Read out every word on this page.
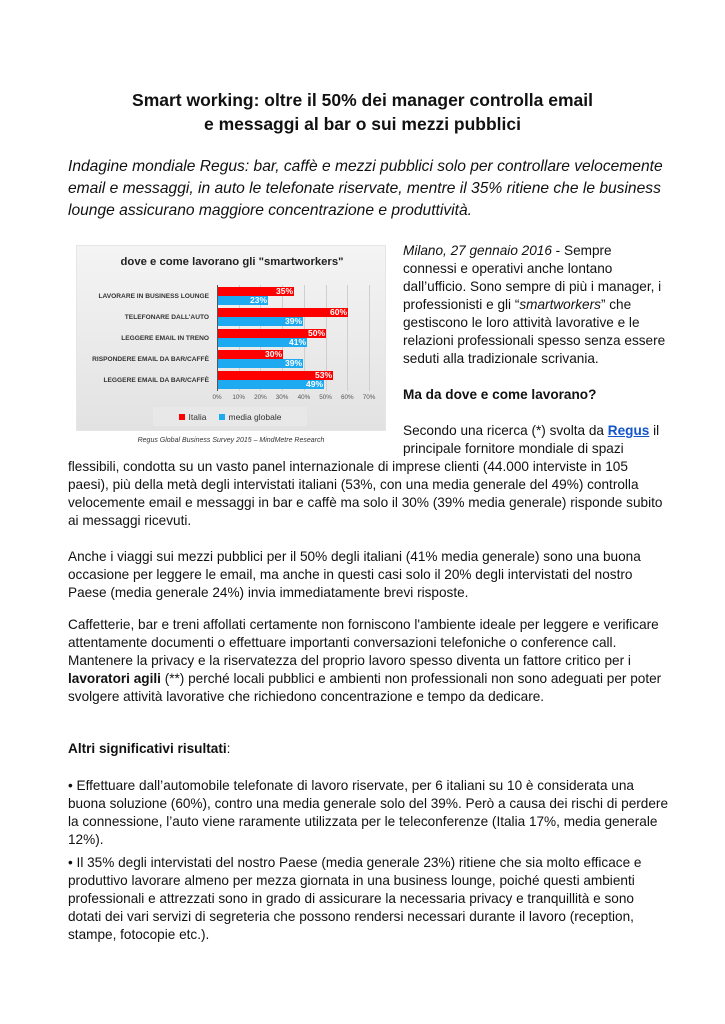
Smart working: oltre il 50% dei manager controlla email
e messaggi al bar o sui mezzi pubblici

Indagine mondiale Regus: bar, caffè e mezzi pubblici solo per controllare velocemente email e messaggi, in auto le telefonate riservate, mentre il 35% ritiene che le business lounge assicurano maggiore concentrazione e produttività.

dove e come lavorano gli "smartworkers"
LAVORARE IN BUSINESS LOUNGE
TELEFONARE DALL'AUTO
LEGGERE EMAIL IN TRENO
RISPONDERE EMAIL DA BAR/CAFFÈ
LEGGERE EMAIL DA BAR/CAFFÈ
35%
23%
60%
39%
50%
41%
30%
39%
53%
49%
0% 10% 20% 30% 40% 50% 60% 70%
Italia	media globale
Regus Global Business Survey 2015 – MindMetre Research

Milano, 27 gennaio 2016 - Sempre connessi e operativi anche lontano dall’ufficio. Sono sempre di più i manager, i professionisti e gli “smartworkers” che gestiscono le loro attività lavorative e le relazioni professionali spesso senza essere seduti alla tradizionale scrivania.

Ma da dove e come lavorano?

Secondo una ricerca (*) svolta da Regus il principale fornitore mondiale di spazi

flessibili, condotta su un vasto panel internazionale di imprese clienti (44.000 interviste in 105 paesi), più della metà degli intervistati italiani (53%, con una media generale del 49%) controlla velocemente email e messaggi in bar e caffè ma solo il 30% (39% media generale) risponde subito ai messaggi ricevuti.

Anche i viaggi sui mezzi pubblici per il 50% degli italiani (41% media generale) sono una buona occasione per leggere le email, ma anche in questi casi solo il 20% degli intervistati del nostro Paese (media generale 24%) invia immediatamente brevi risposte.

Caffetterie, bar e treni affollati certamente non forniscono l'ambiente ideale per leggere e verificare attentamente documenti o effettuare importanti conversazioni telefoniche o conference call. Mantenere la privacy e la riservatezza del proprio lavoro spesso diventa un fattore critico per i lavoratori agili (**) perché locali pubblici e ambienti non professionali non sono adeguati per poter svolgere attività lavorative che richiedono concentrazione e tempo da dedicare.

Altri significativi risultati:

• Effettuare dall’automobile telefonate di lavoro riservate, per 6 italiani su 10 è considerata una buona soluzione (60%), contro una media generale solo del 39%. Però a causa dei rischi di perdere la connessione, l’auto viene raramente utilizzata per le teleconferenze (Italia 17%, media generale 12%).

• Il 35% degli intervistati del nostro Paese (media generale 23%) ritiene che sia molto efficace e produttivo lavorare almeno per mezza giornata in una business lounge, poiché questi ambienti professionali e attrezzati sono in grado di assicurare la necessaria privacy e tranquillità e sono dotati dei vari servizi di segreteria che possono rendersi necessari durante il lavoro (reception, stampe, fotocopie etc.).
